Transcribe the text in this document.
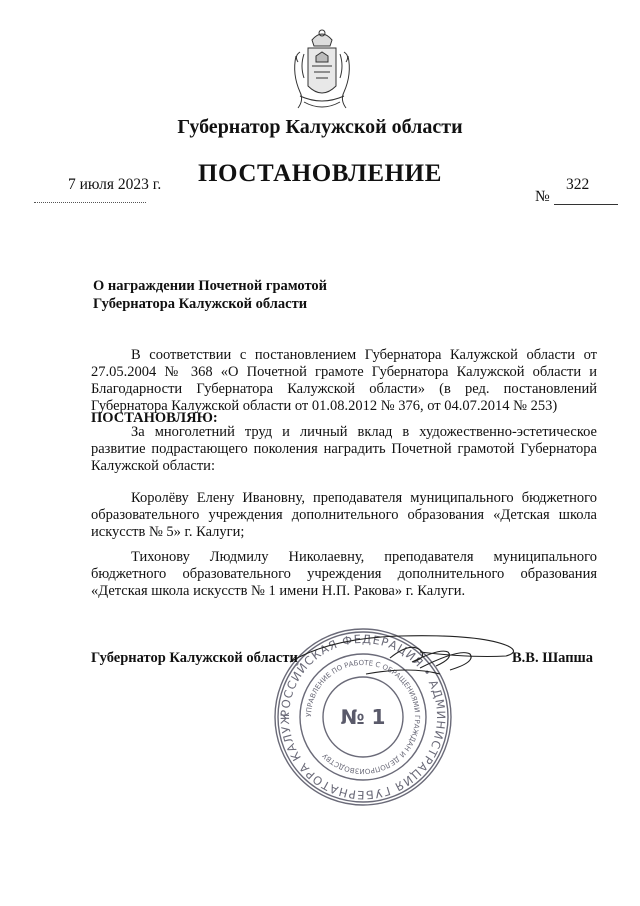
Губернатор Калужской области
7 июля 2023 г.	ПОСТАНОВЛЕНИЕ	322
№
О награждении Почетной грамотой
Губернатора Калужской области

В соответствии с постановлением Губернатора Калужской области от 27.05.2004 № 368 «О Почетной грамоте Губернатора Калужской области и Благодарности Губернатора Калужской области» (в ред. постановлений Губернатора Калужской области от 01.08.2012 № 376, от 04.07.2014 № 253)

ПОСТАНОВЛЯЮ:

За многолетний труд и личный вклад в художественно-эстетическое развитие подрастающего поколения наградить Почетной грамотой Губернатора Калужской области:

Королёву Елену Ивановну, преподавателя муниципального бюджетного образовательного учреждения дополнительного образования «Детская школа искусств № 5» г. Калуги;

Тихонову Людмилу Николаевну, преподавателя муниципального бюджетного образовательного учреждения дополнительного образования «Детская школа искусств № 1 имени Н.П. Ракова» г. Калуги.

РОССИЙСКАЯ ФЕДЕРАЦИЯ • АДМИНИСТРАЦИЯ ГУБЕРНАТОРА КАЛУЖ	УПРАВЛЕНИЕ ПО РАБОТЕ С ОБРАЩЕНИЯМИ ГРАЖДАН И ДЕЛОПРОИЗВОДСТВУ
№ 1
Губернатор Калужской области	В.В. Шапша
